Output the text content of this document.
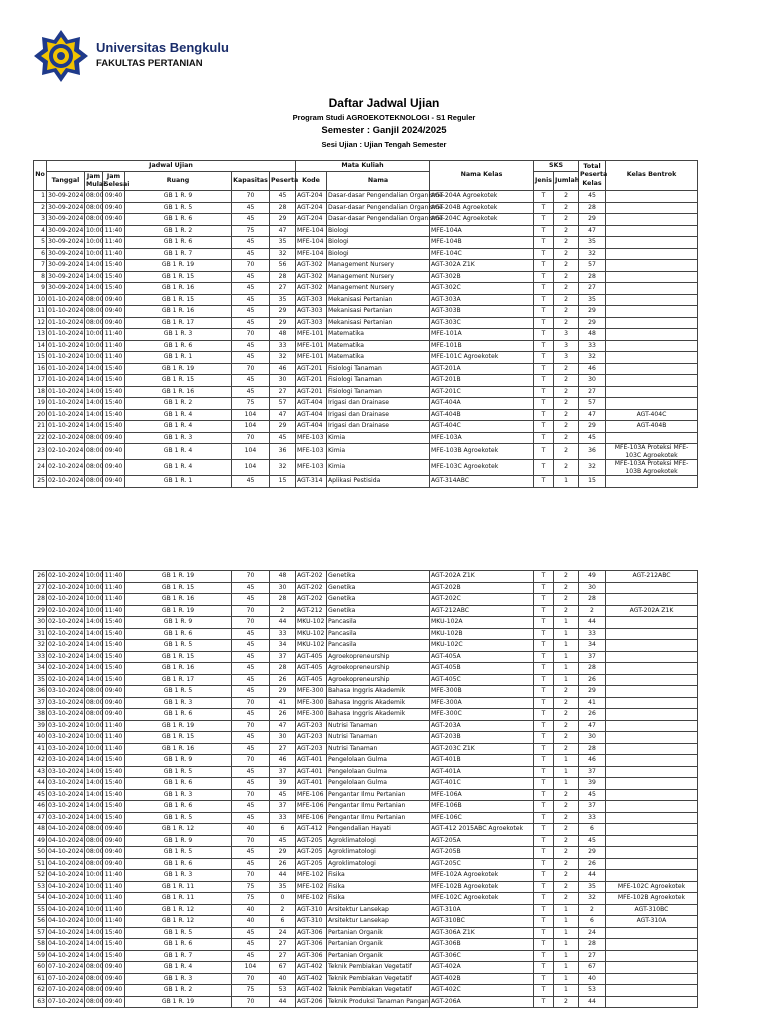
Universitas Bengkulu
FAKULTAS PERTANIAN
Daftar Jadwal Ujian
Program Studi AGROEKOTEKNOLOGI - S1 Reguler
Semester : Ganjil 2024/2025
Sesi Ujian : Ujian Tengah Semester
No	Jadwal Ujian						Mata Kuliah		Nama Kelas	SKS		Total Peserta Kelas	Kelas Bentrok
	Tanggal	Jam Mulai	Jam Selesai	Ruang	Kapasitas	Peserta	Kode	Nama		Jenis	Jumlah		
1	30-09-2024	08:00	09:40	GB 1 R. 9	70	45	AGT-204	Dasar-dasar Pengendalian Organisme	AGT-204A Agroekotek	T	2	45	
2	30-09-2024	08:00	09:40	GB 1 R. 5	45	28	AGT-204	Dasar-dasar Pengendalian Organisme	AGT-204B Agroekotek	T	2	28	
3	30-09-2024	08:00	09:40	GB 1 R. 6	45	29	AGT-204	Dasar-dasar Pengendalian Organisme	AGT-204C Agroekotek	T	2	29	
4	30-09-2024	10:00	11:40	GB 1 R. 2	75	47	MFE-104	Biologi	MFE-104A	T	2	47	
5	30-09-2024	10:00	11:40	GB 1 R. 6	45	35	MFE-104	Biologi	MFE-104B	T	2	35	
6	30-09-2024	10:00	11:40	GB 1 R. 7	45	32	MFE-104	Biologi	MFE-104C	T	2	32	
7	30-09-2024	14:00	15:40	GB 1 R. 19	70	56	AGT-302	Management Nursery	AGT-302A Z1K	T	2	57	
8	30-09-2024	14:00	15:40	GB 1 R. 15	45	28	AGT-302	Management Nursery	AGT-302B	T	2	28	
9	30-09-2024	14:00	15:40	GB 1 R. 16	45	27	AGT-302	Management Nursery	AGT-302C	T	2	27	
10	01-10-2024	08:00	09:40	GB 1 R. 15	45	35	AGT-303	Mekanisasi Pertanian	AGT-303A	T	2	35	
11	01-10-2024	08:00	09:40	GB 1 R. 16	45	29	AGT-303	Mekanisasi Pertanian	AGT-303B	T	2	29	
12	01-10-2024	08:00	09:40	GB 1 R. 17	45	29	AGT-303	Mekanisasi Pertanian	AGT-303C	T	2	29	
13	01-10-2024	10:00	11:40	GB 1 R. 3	70	48	MFE-101	Matematika	MFE-101A	T	3	48	
14	01-10-2024	10:00	11:40	GB 1 R. 6	45	33	MFE-101	Matematika	MFE-101B	T	3	33	
15	01-10-2024	10:00	11:40	GB 1 R. 1	45	32	MFE-101	Matematika	MFE-101C Agroekotek	T	3	32	
16	01-10-2024	14:00	15:40	GB 1 R. 19	70	46	AGT-201	Fisiologi Tanaman	AGT-201A	T	2	46	
17	01-10-2024	14:00	15:40	GB 1 R. 15	45	30	AGT-201	Fisiologi Tanaman	AGT-201B	T	2	30	
18	01-10-2024	14:00	15:40	GB 1 R. 16	45	27	AGT-201	Fisiologi Tanaman	AGT-201C	T	2	27	
19	01-10-2024	14:00	15:40	GB 1 R. 2	75	57	AGT-404	Irigasi dan Drainase	AGT-404A	T	2	57	
20	01-10-2024	14:00	15:40	GB 1 R. 4	104	47	AGT-404	Irigasi dan Drainase	AGT-404B	T	2	47	AGT-404C
21	01-10-2024	14:00	15:40	GB 1 R. 4	104	29	AGT-404	Irigasi dan Drainase	AGT-404C	T	2	29	AGT-404B
22	02-10-2024	08:00	09:40	GB 1 R. 3	70	45	MFE-103	Kimia	MFE-103A	T	2	45	
23	02-10-2024	08:00	09:40	GB 1 R. 4	104	36	MFE-103	Kimia	MFE-103B Agroekotek	T	2	36	MFE-103A Proteksi MFE-103C Agroekotek
24	02-10-2024	08:00	09:40	GB 1 R. 4	104	32	MFE-103	Kimia	MFE-103C Agroekotek	T	2	32	MFE-103A Proteksi MFE-103B Agroekotek
25	02-10-2024	08:00	09:40	GB 1 R. 1	45	15	AGT-314	Aplikasi Pestisida	AGT-314ABC	T	1	15	
26	02-10-2024	10:00	11:40	GB 1 R. 19	70	48	AGT-202	Genetika	AGT-202A Z1K	T	2	49	AGT-212ABC
27	02-10-2024	10:00	11:40	GB 1 R. 15	45	30	AGT-202	Genetika	AGT-202B	T	2	30	
28	02-10-2024	10:00	11:40	GB 1 R. 16	45	28	AGT-202	Genetika	AGT-202C	T	2	28	
29	02-10-2024	10:00	11:40	GB 1 R. 19	70	2	AGT-212	Genetika	AGT-212ABC	T	2	2	AGT-202A Z1K
30	02-10-2024	14:00	15:40	GB 1 R. 9	70	44	MKU-102	Pancasila	MKU-102A	T	1	44	
31	02-10-2024	14:00	15:40	GB 1 R. 6	45	33	MKU-102	Pancasila	MKU-102B	T	1	33	
32	02-10-2024	14:00	15:40	GB 1 R. 5	45	34	MKU-102	Pancasila	MKU-102C	T	1	34	
33	02-10-2024	14:00	15:40	GB 1 R. 15	45	37	AGT-405	Agroekopreneurship	AGT-405A	T	1	37	
34	02-10-2024	14:00	15:40	GB 1 R. 16	45	28	AGT-405	Agroekopreneurship	AGT-405B	T	1	28	
35	02-10-2024	14:00	15:40	GB 1 R. 17	45	26	AGT-405	Agroekopreneurship	AGT-405C	T	1	26	
36	03-10-2024	08:00	09:40	GB 1 R. 5	45	29	MFE-300	Bahasa Inggris Akademik	MFE-300B	T	2	29	
37	03-10-2024	08:00	09:40	GB 1 R. 3	70	41	MFE-300	Bahasa Inggris Akademik	MFE-300A	T	2	41	
38	03-10-2024	08:00	09:40	GB 1 R. 6	45	26	MFE-300	Bahasa Inggris Akademik	MFE-300C	T	2	26	
39	03-10-2024	10:00	11:40	GB 1 R. 19	70	47	AGT-203	Nutrisi Tanaman	AGT-203A	T	2	47	
40	03-10-2024	10:00	11:40	GB 1 R. 15	45	30	AGT-203	Nutrisi Tanaman	AGT-203B	T	2	30	
41	03-10-2024	10:00	11:40	GB 1 R. 16	45	27	AGT-203	Nutrisi Tanaman	AGT-203C Z1K	T	2	28	
42	03-10-2024	14:00	15:40	GB 1 R. 9	70	46	AGT-401	Pengelolaan Gulma	AGT-401B	T	1	46	
43	03-10-2024	14:00	15:40	GB 1 R. 5	45	37	AGT-401	Pengelolaan Gulma	AGT-401A	T	1	37	
44	03-10-2024	14:00	15:40	GB 1 R. 6	45	39	AGT-401	Pengelolaan Gulma	AGT-401C	T	1	39	
45	03-10-2024	14:00	15:40	GB 1 R. 3	70	45	MFE-106	Pengantar Ilmu Pertanian	MFE-106A	T	2	45	
46	03-10-2024	14:00	15:40	GB 1 R. 6	45	37	MFE-106	Pengantar Ilmu Pertanian	MFE-106B	T	2	37	
47	03-10-2024	14:00	15:40	GB 1 R. 5	45	33	MFE-106	Pengantar Ilmu Pertanian	MFE-106C	T	2	33	
48	04-10-2024	08:00	09:40	GB 1 R. 12	40	6	AGT-412	Pengendalian Hayati	AGT-412 2015ABC Agroekotek	T	2	6	
49	04-10-2024	08:00	09:40	GB 1 R. 9	70	45	AGT-205	Agroklimatologi	AGT-205A	T	2	45	
50	04-10-2024	08:00	09:40	GB 1 R. 5	45	29	AGT-205	Agroklimatologi	AGT-205B	T	2	29	
51	04-10-2024	08:00	09:40	GB 1 R. 6	45	26	AGT-205	Agroklimatologi	AGT-205C	T	2	26	
52	04-10-2024	10:00	11:40	GB 1 R. 3	70	44	MFE-102	Fisika	MFE-102A Agroekotek	T	2	44	
53	04-10-2024	10:00	11:40	GB 1 R. 11	75	35	MFE-102	Fisika	MFE-102B Agroekotek	T	2	35	MFE-102C Agroekotek
54	04-10-2024	10:00	11:40	GB 1 R. 11	75	0	MFE-102	Fisika	MFE-102C Agroekotek	T	2	32	MFE-102B Agroekotek
55	04-10-2024	10:00	11:40	GB 1 R. 12	40	2	AGT-310	Arsitektur Lansekap	AGT-310A	T	1	2	AGT-310BC
56	04-10-2024	10:00	11:40	GB 1 R. 12	40	6	AGT-310	Arsitektur Lansekap	AGT-310BC	T	1	6	AGT-310A
57	04-10-2024	14:00	15:40	GB 1 R. 5	45	24	AGT-306	Pertanian Organik	AGT-306A Z1K	T	1	24	
58	04-10-2024	14:00	15:40	GB 1 R. 6	45	27	AGT-306	Pertanian Organik	AGT-306B	T	1	28	
59	04-10-2024	14:00	15:40	GB 1 R. 7	45	27	AGT-306	Pertanian Organik	AGT-306C	T	1	27	
60	07-10-2024	08:00	09:40	GB 1 R. 4	104	67	AGT-402	Teknik Pembiakan Vegetatif	AGT-402A	T	1	67	
61	07-10-2024	08:00	09:40	GB 1 R. 3	70	40	AGT-402	Teknik Pembiakan Vegetatif	AGT-402B	T	1	40	
62	07-10-2024	08:00	09:40	GB 1 R. 2	75	53	AGT-402	Teknik Pembiakan Vegetatif	AGT-402C	T	1	53	
63	07-10-2024	08:00	09:40	GB 1 R. 19	70	44	AGT-206	Teknik Produksi Tanaman Pangan	AGT-206A	T	2	44	
